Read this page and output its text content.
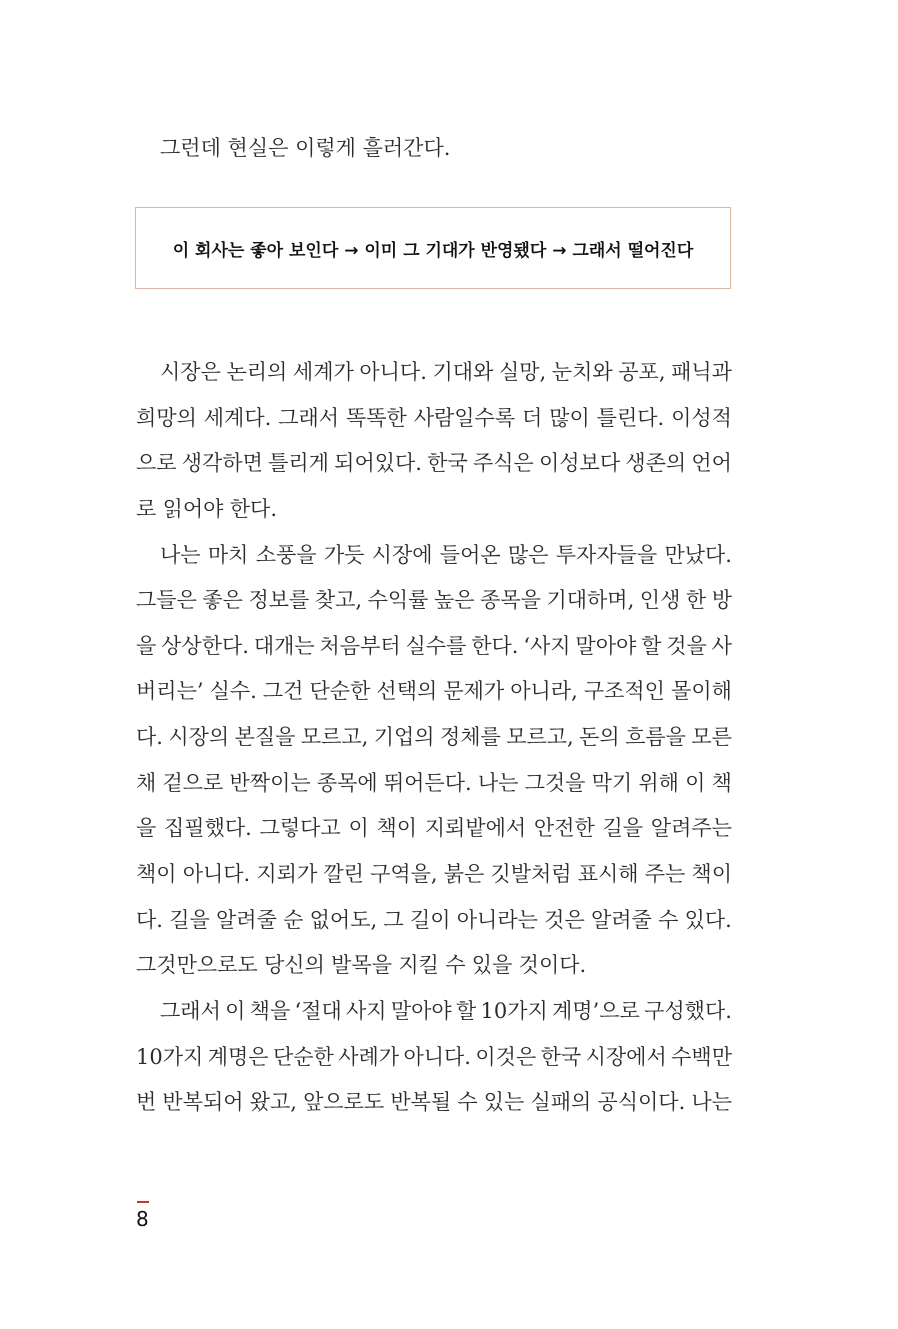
그런데 현실은 이렇게 흘러간다.

이 회사는 좋아 보인다 → 이미 그 기대가 반영됐다 → 그래서 떨어진다
시장은 논리의 세계가 아니다. 기대와 실망, 눈치와 공포, 패닉과
희망의 세계다. 그래서 똑똑한 사람일수록 더 많이 틀린다. 이성적
으로 생각하면 틀리게 되어있다. 한국 주식은 이성보다 생존의 언어
로 읽어야 한다.
나는 마치 소풍을 가듯 시장에 들어온 많은 투자자들을 만났다.
그들은 좋은 정보를 찾고, 수익률 높은 종목을 기대하며, 인생 한 방
을 상상한다. 대개는 처음부터 실수를 한다. ‘사지 말아야 할 것을 사
버리는’ 실수. 그건 단순한 선택의 문제가 아니라, 구조적인 몰이해
다. 시장의 본질을 모르고, 기업의 정체를 모르고, 돈의 흐름을 모른
채 겉으로 반짝이는 종목에 뛰어든다. 나는 그것을 막기 위해 이 책
을 집필했다. 그렇다고 이 책이 지뢰밭에서 안전한 길을 알려주는
책이 아니다. 지뢰가 깔린 구역을, 붉은 깃발처럼 표시해 주는 책이
다. 길을 알려줄 순 없어도, 그 길이 아니라는 것은 알려줄 수 있다.
그것만으로도 당신의 발목을 지킬 수 있을 것이다.
그래서 이 책을 ‘절대 사지 말아야 할 10가지 계명’으로 구성했다.
10가지 계명은 단순한 사례가 아니다. 이것은 한국 시장에서 수백만
번 반복되어 왔고, 앞으로도 반복될 수 있는 실패의 공식이다. 나는
8
